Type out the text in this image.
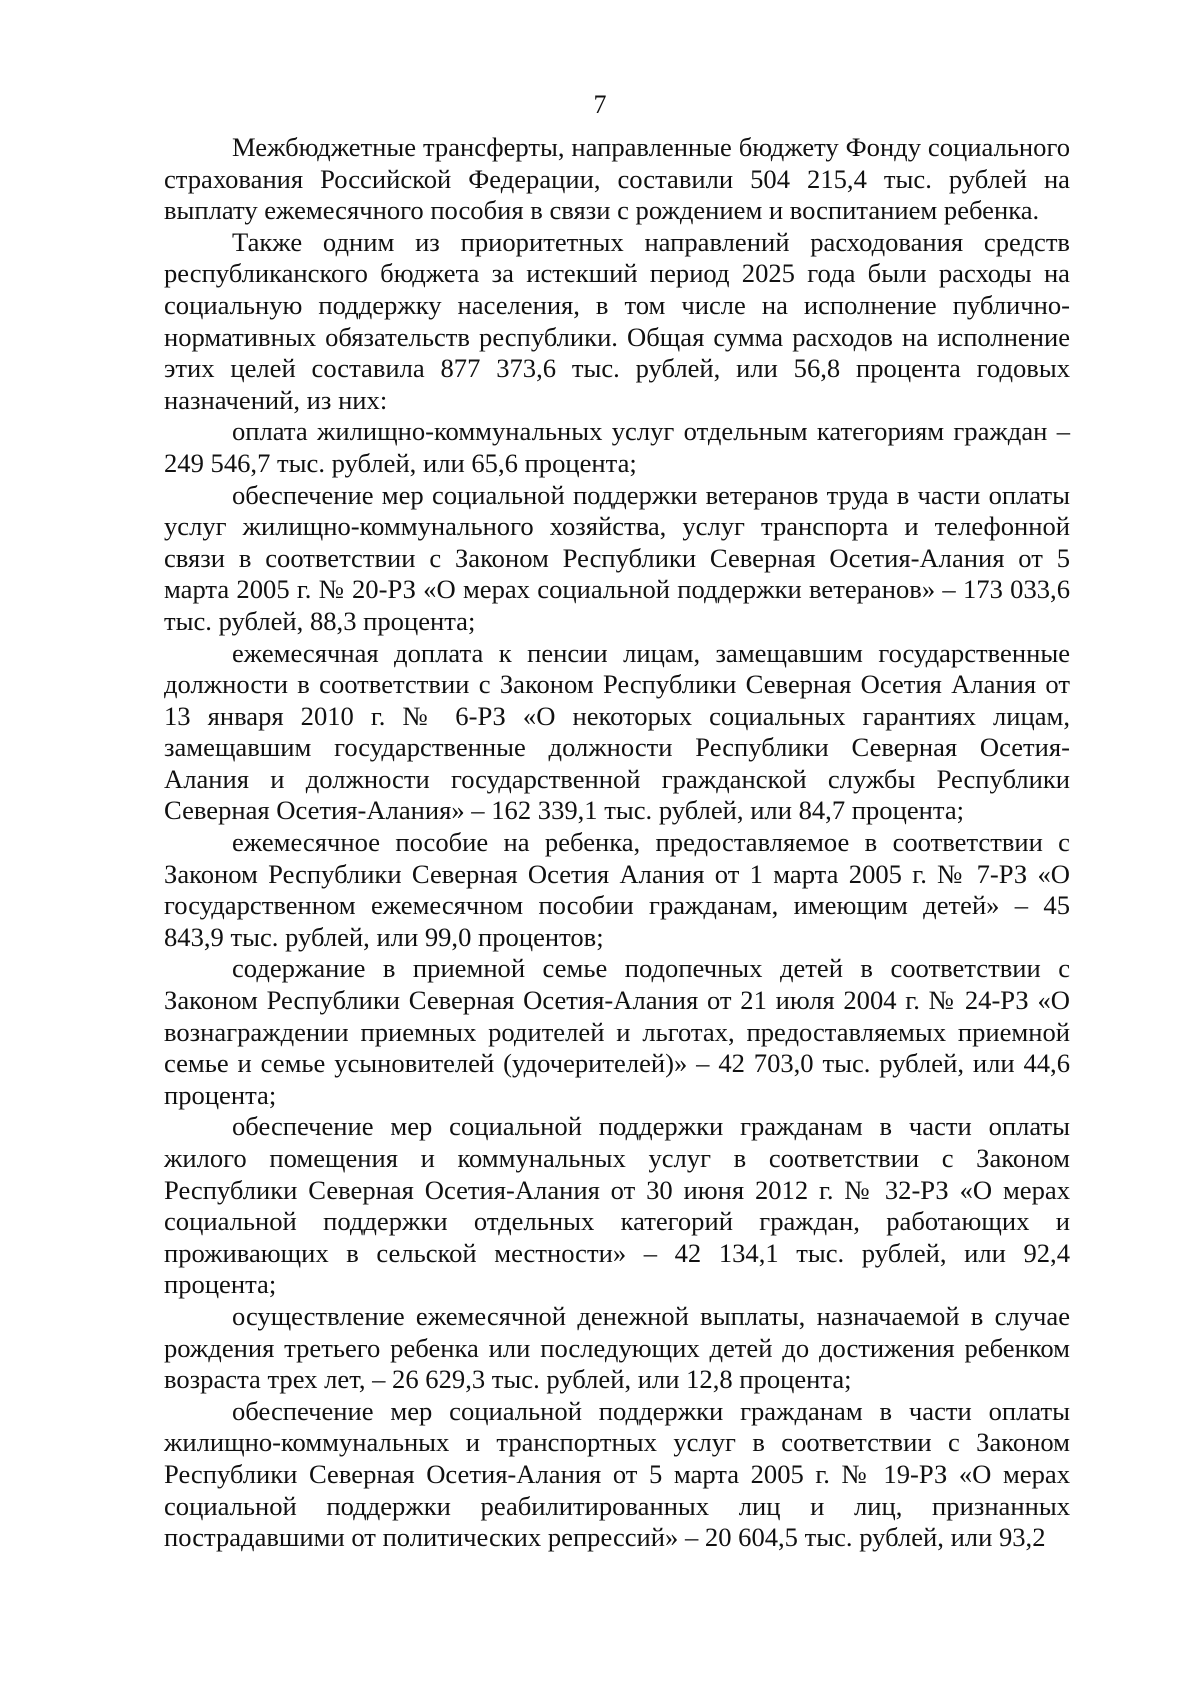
7

Межбюджетные трансферты, направленные бюджету Фонду социального страхования Российской Федерации, составили 504 215,4 тыс. рублей на выплату ежемесячного пособия в связи с рождением и воспитанием ребенка.

Также одним из приоритетных направлений расходования средств республиканского бюджета за истекший период 2025 года были расходы на социальную поддержку населения, в том числе на исполнение публично-нормативных обязательств республики. Общая сумма расходов на исполнение этих целей составила 877 373,6 тыс. рублей, или 56,8 процента годовых назначений, из них:

оплата жилищно-коммунальных услуг отдельным категориям граждан – 249 546,7 тыс. рублей, или 65,6 процента;

обеспечение мер социальной поддержки ветеранов труда в части оплаты услуг жилищно-коммунального хозяйства, услуг транспорта и телефонной связи в соответствии с Законом Республики Северная Осетия-Алания от 5 марта 2005 г. № 20-РЗ «О мерах социальной поддержки ветеранов» – 173 033,6 тыс. рублей, 88,3 процента;

ежемесячная доплата к пенсии лицам, замещавшим государственные должности в соответствии с Законом Республики Северная Осетия Алания от 13 января 2010 г. № 6-РЗ «О некоторых социальных гарантиях лицам, замещавшим государственные должности Республики Северная Осетия-Алания и должности государственной гражданской службы Республики Северная Осетия-Алания» – 162 339,1 тыс. рублей, или 84,7 процента;

ежемесячное пособие на ребенка, предоставляемое в соответствии с Законом Республики Северная Осетия Алания от 1 марта 2005 г. № 7-РЗ «О государственном ежемесячном пособии гражданам, имеющим детей» – 45 843,9 тыс. рублей, или 99,0 процентов;

содержание в приемной семье подопечных детей в соответствии с Законом Республики Северная Осетия-Алания от 21 июля 2004 г. № 24-РЗ «О вознаграждении приемных родителей и льготах, предоставляемых приемной семье и семье усыновителей (удочерителей)» – 42 703,0 тыс. рублей, или 44,6 процента;

обеспечение мер социальной поддержки гражданам в части оплаты жилого помещения и коммунальных услуг в соответствии с Законом Республики Северная Осетия-Алания от 30 июня 2012 г. № 32-РЗ «О мерах социальной поддержки отдельных категорий граждан, работающих и проживающих в сельской местности» – 42 134,1 тыс. рублей, или 92,4 процента;

осуществление ежемесячной денежной выплаты, назначаемой в случае рождения третьего ребенка или последующих детей до достижения ребенком возраста трех лет, – 26 629,3 тыс. рублей, или 12,8 процента;

обеспечение мер социальной поддержки гражданам в части оплаты жилищно-коммунальных и транспортных услуг в соответствии с Законом Республики Северная Осетия-Алания от 5 марта 2005 г. № 19-РЗ «О мерах социальной поддержки реабилитированных лиц и лиц, признанных пострадавшими от политических репрессий» – 20 604,5 тыс. рублей, или 93,2
